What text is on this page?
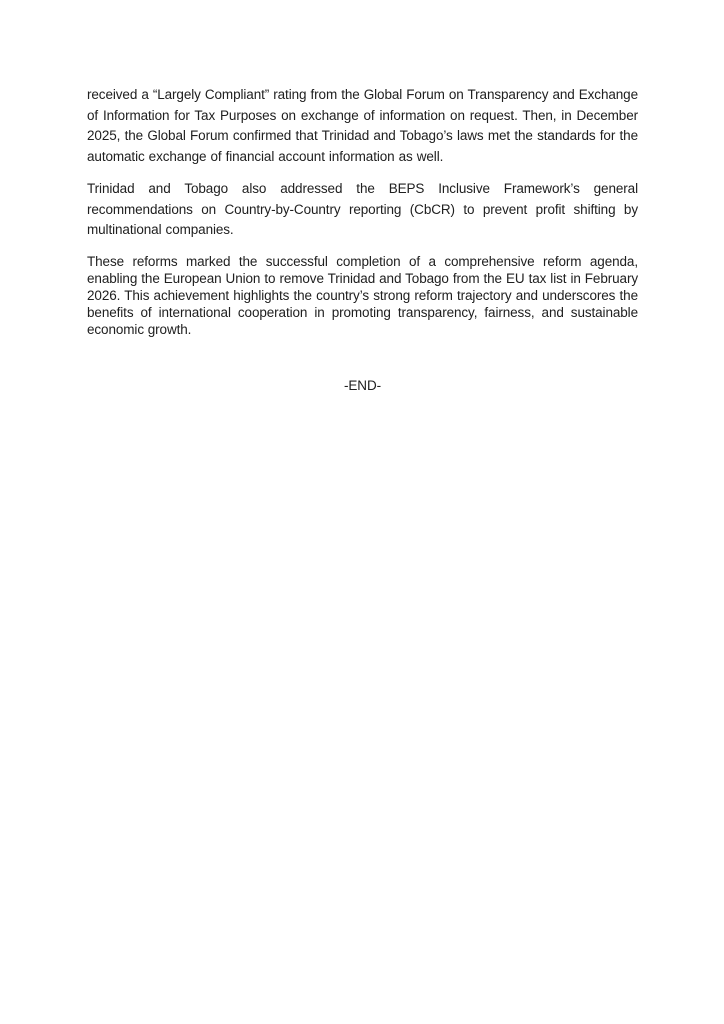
received a “Largely Compliant” rating from the Global Forum on Transparency and Exchange of Information for Tax Purposes on exchange of information on request. Then, in December 2025, the Global Forum confirmed that Trinidad and Tobago’s laws met the standards for the automatic exchange of financial account information as well.

Trinidad and Tobago also addressed the BEPS Inclusive Framework’s general recommendations on Country-by-Country reporting (CbCR) to prevent profit shifting by multinational companies.

These reforms marked the successful completion of a comprehensive reform agenda, enabling the European Union to remove Trinidad and Tobago from the EU tax list in February 2026. This achievement highlights the country’s strong reform trajectory and underscores the benefits of international cooperation in promoting transparency, fairness, and sustainable economic growth.

-END-
